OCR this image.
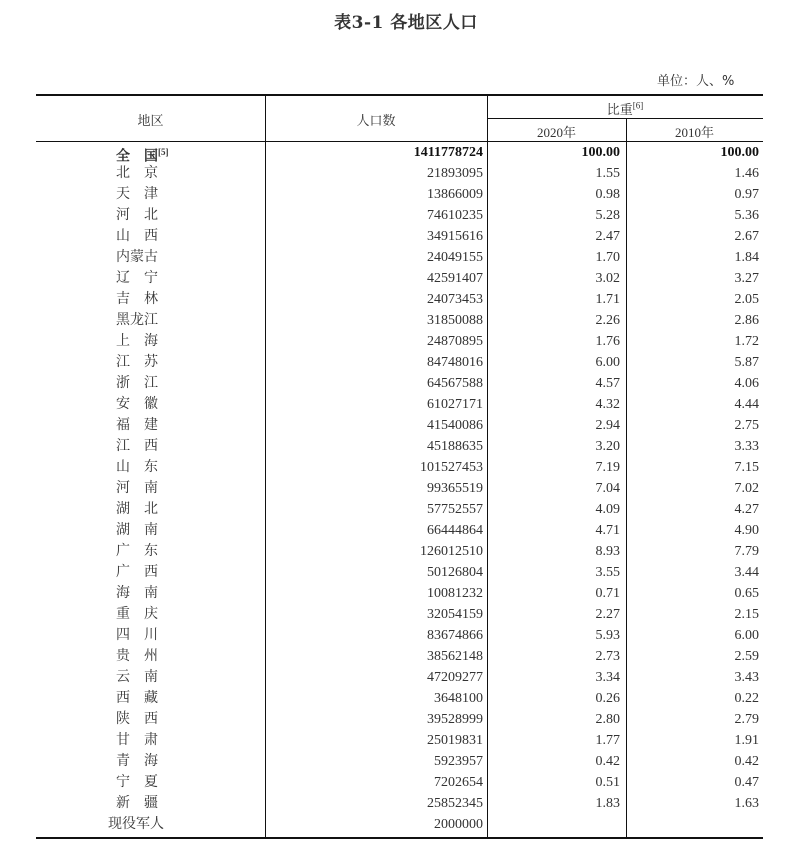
表3-1 各地区人口
单位：人、%
地区	人口数
比重[6]
2020年	2010年
全　国[5]	1411778724	100.00	100.00
北　京	21893095	1.55	1.46
天　津	13866009	0.98	0.97
河　北	74610235	5.28	5.36
山　西	34915616	2.47	2.67
内蒙古	24049155	1.70	1.84
辽　宁	42591407	3.02	3.27
吉　林	24073453	1.71	2.05
黑龙江	31850088	2.26	2.86
上　海	24870895	1.76	1.72
江　苏	84748016	6.00	5.87
浙　江	64567588	4.57	4.06
安　徽	61027171	4.32	4.44
福　建	41540086	2.94	2.75
江　西	45188635	3.20	3.33
山　东	101527453	7.19	7.15
河　南	99365519	7.04	7.02
湖　北	57752557	4.09	4.27
湖　南	66444864	4.71	4.90
广　东	126012510	8.93	7.79
广　西	50126804	3.55	3.44
海　南	10081232	0.71	0.65
重　庆	32054159	2.27	2.15
四　川	83674866	5.93	6.00
贵　州	38562148	2.73	2.59
云　南	47209277	3.34	3.43
西　藏	3648100	0.26	0.22
陕　西	39528999	2.80	2.79
甘　肃	25019831	1.77	1.91
青　海	5923957	0.42	0.42
宁　夏	7202654	0.51	0.47
新　疆	25852345	1.83	1.63
现役军人	2000000
